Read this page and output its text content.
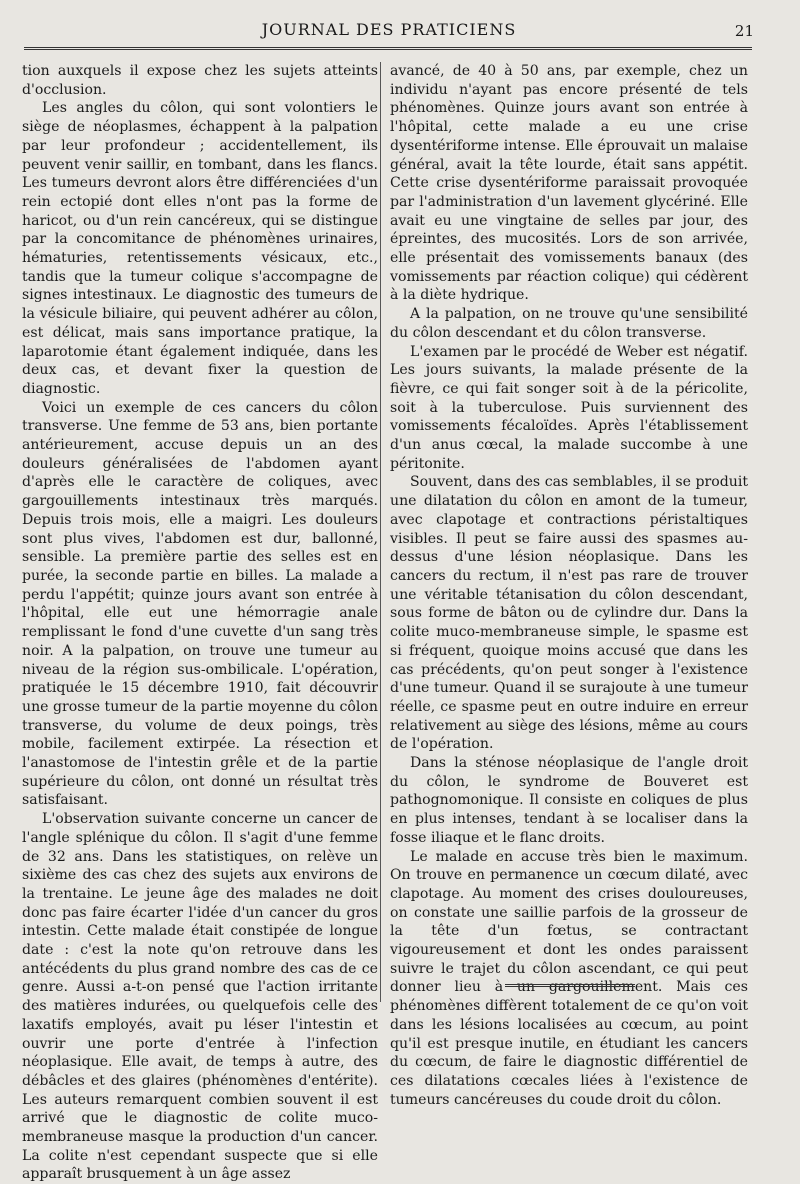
JOURNAL DES PRATICIENS	21

tion auxquels il expose chez les sujets atteints d'occlusion.

Les angles du côlon, qui sont volontiers le siège de néoplasmes, échappent à la palpation par leur profondeur ; accidentellement, ils peuvent venir saillir, en tombant, dans les flancs. Les tumeurs devront alors être différenciées d'un rein ectopié dont elles n'ont pas la forme de haricot, ou d'un rein cancéreux, qui se distingue par la concomitance de phénomènes urinaires, hématuries, retentissements vésicaux, etc., tandis que la tumeur colique s'accompagne de signes intestinaux. Le diagnostic des tumeurs de la vésicule biliaire, qui peuvent adhérer au côlon, est délicat, mais sans importance pratique, la laparotomie étant également indiquée, dans les deux cas, et devant fixer la question de diagnostic.

Voici un exemple de ces cancers du côlon transverse. Une femme de 53 ans, bien portante antérieurement, accuse depuis un an des douleurs généralisées de l'abdomen ayant d'après elle le caractère de coliques, avec gargouillements intestinaux très marqués. Depuis trois mois, elle a maigri. Les douleurs sont plus vives, l'abdomen est dur, ballonné, sensible. La première partie des selles est en purée, la seconde partie en billes. La malade a perdu l'appétit; quinze jours avant son entrée à l'hôpital, elle eut une hémorragie anale remplissant le fond d'une cuvette d'un sang très noir. A la palpation, on trouve une tumeur au niveau de la région sus-ombilicale. L'opération, pratiquée le 15 décembre 1910, fait découvrir une grosse tumeur de la partie moyenne du côlon transverse, du volume de deux poings, très mobile, facilement extirpée. La résection et l'anastomose de l'intestin grêle et de la partie supérieure du côlon, ont donné un résultat très satisfaisant.

L'observation suivante concerne un cancer de l'angle splénique du côlon. Il s'agit d'une femme de 32 ans. Dans les statistiques, on relève un sixième des cas chez des sujets aux environs de la trentaine. Le jeune âge des malades ne doit donc pas faire écarter l'idée d'un cancer du gros intestin. Cette malade était constipée de longue date : c'est la note qu'on retrouve dans les antécédents du plus grand nombre des cas de ce genre. Aussi a-t-on pensé que l'action irritante des matières indurées, ou quelquefois celle des laxatifs employés, avait pu léser l'intestin et ouvrir une porte d'entrée à l'infection néoplasique. Elle avait, de temps à autre, des débâcles et des glaires (phénomènes d'entérite). Les auteurs remarquent combien souvent il est arrivé que le diagnostic de colite muco-membraneuse masque la production d'un cancer. La colite n'est cependant suspecte que si elle apparaît brusquement à un âge assez

avancé, de 40 à 50 ans, par exemple, chez un individu n'ayant pas encore présenté de tels phénomènes. Quinze jours avant son entrée à l'hôpital, cette malade a eu une crise dysentériforme intense. Elle éprouvait un malaise général, avait la tête lourde, était sans appétit. Cette crise dysentériforme paraissait provoquée par l'administration d'un lavement glycériné. Elle avait eu une vingtaine de selles par jour, des épreintes, des mucosités. Lors de son arrivée, elle présentait des vomissements banaux (des vomissements par réaction colique) qui cédèrent à la diète hydrique.

A la palpation, on ne trouve qu'une sensibilité du côlon descendant et du côlon transverse.

L'examen par le procédé de Weber est négatif. Les jours suivants, la malade présente de la fièvre, ce qui fait songer soit à de la péricolite, soit à la tuberculose. Puis surviennent des vomissements fécaloïdes. Après l'établissement d'un anus cœcal, la malade succombe à une péritonite.

Souvent, dans des cas semblables, il se produit une dilatation du côlon en amont de la tumeur, avec clapotage et contractions péristaltiques visibles. Il peut se faire aussi des spasmes au-dessus d'une lésion néoplasique. Dans les cancers du rectum, il n'est pas rare de trouver une véritable tétanisation du côlon descendant, sous forme de bâton ou de cylindre dur. Dans la colite muco-membraneuse simple, le spasme est si fréquent, quoique moins accusé que dans les cas précédents, qu'on peut songer à l'existence d'une tumeur. Quand il se surajoute à une tumeur réelle, ce spasme peut en outre induire en erreur relativement au siège des lésions, même au cours de l'opération.

Dans la sténose néoplasique de l'angle droit du côlon, le syndrome de Bouveret est pathognomonique. Il consiste en coliques de plus en plus intenses, tendant à se localiser dans la fosse iliaque et le flanc droits.

Le malade en accuse très bien le maximum. On trouve en permanence un cœcum dilaté, avec clapotage. Au moment des crises douloureuses, on constate une saillie parfois de la grosseur de la tête d'un fœtus, se contractant vigoureusement et dont les ondes paraissent suivre le trajet du côlon ascendant, ce qui peut donner lieu à un gargouillement. Mais ces phénomènes diffèrent totalement de ce qu'on voit dans les lésions localisées au cœcum, au point qu'il est presque inutile, en étudiant les cancers du cœcum, de faire le diagnostic différentiel de ces dilatations cœcales liées à l'existence de tumeurs cancéreuses du coude droit du côlon.
